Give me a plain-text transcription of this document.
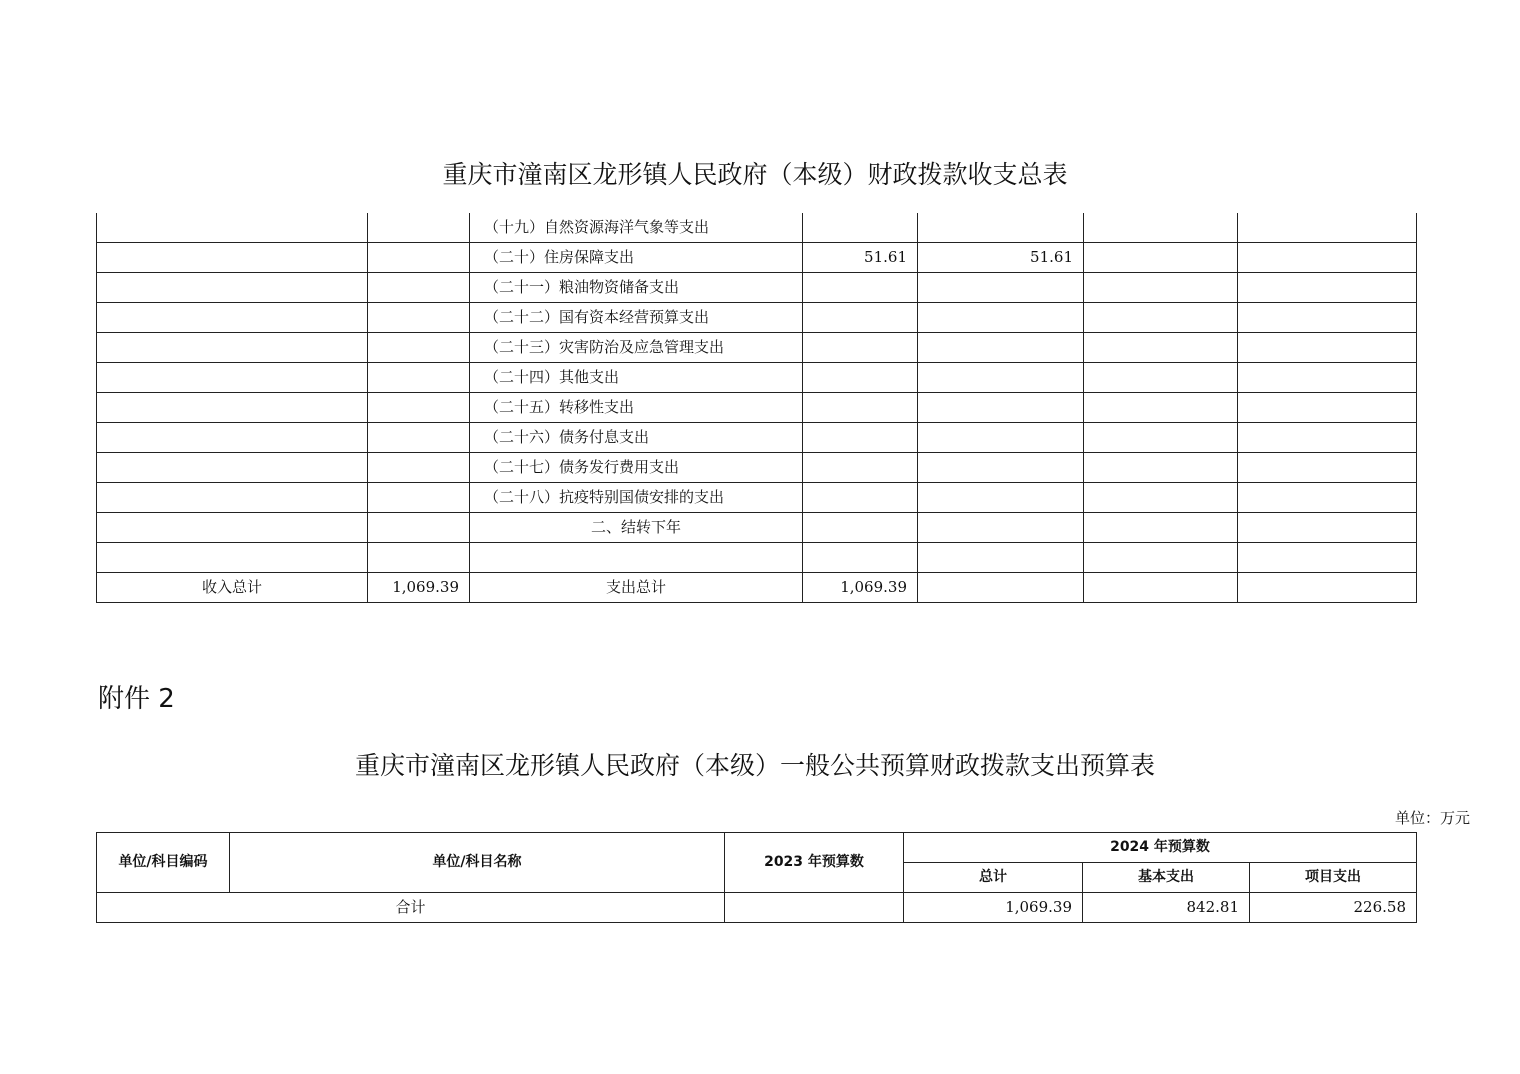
重庆市潼南区龙形镇人民政府（本级）财政拨款收支总表
		（十九）自然资源海洋气象等支出				
		（二十）住房保障支出	51.61	51.61		
		（二十一）粮油物资储备支出				
		（二十二）国有资本经营预算支出				
		（二十三）灾害防治及应急管理支出				
		（二十四）其他支出				
		（二十五）转移性支出				
		（二十六）债务付息支出				
		（二十七）债务发行费用支出				
		（二十八）抗疫特别国债安排的支出				
		二、结转下年				

收入总计	1,069.39	支出总计	1,069.39			
附件 2
重庆市潼南区龙形镇人民政府（本级）一般公共预算财政拨款支出预算表
单位：万元
单位/科目编码	单位/科目名称	2023 年预算数	2024 年预算数		
			总计	基本支出	项目支出
合计			1,069.39	842.81	226.58
